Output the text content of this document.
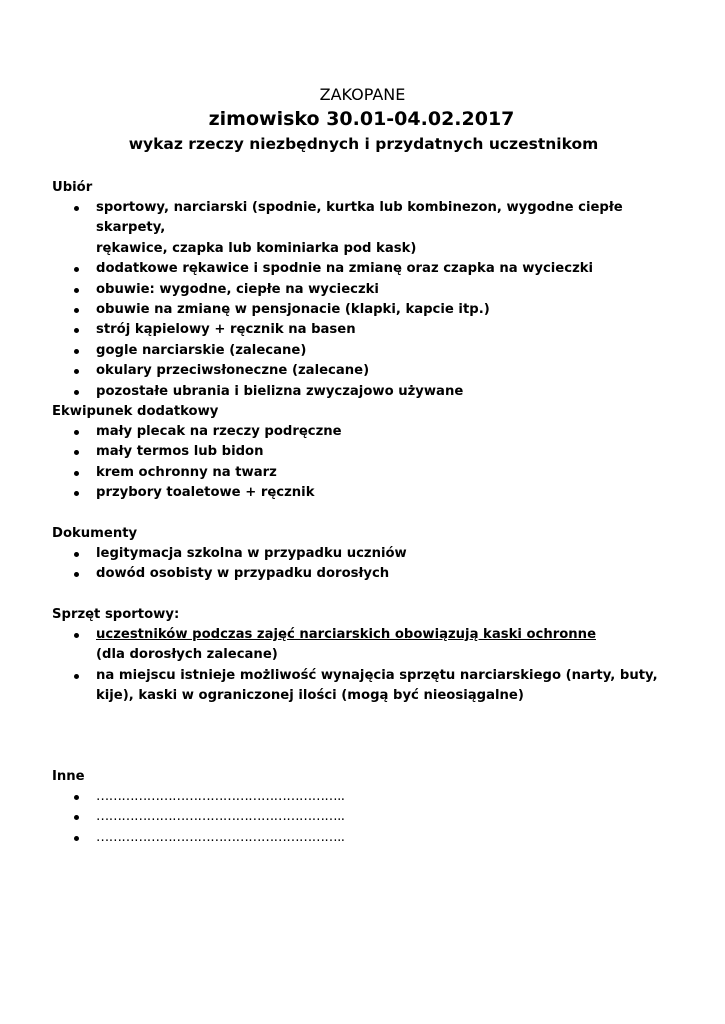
ZAKOPANE

zimowisko 30.01-04.02.2017

wykaz rzeczy niezbędnych i przydatnych uczestnikom

Ubiór

sportowy, narciarski (spodnie, kurtka lub kombinezon, wygodne ciepłe skarpety,
rękawice, czapka lub kominiarka pod kask)
dodatkowe rękawice i spodnie na zmianę oraz czapka na wycieczki
obuwie: wygodne, ciepłe na wycieczki
obuwie na zmianę w pensjonacie (klapki, kapcie itp.)
strój kąpielowy + ręcznik na basen
gogle narciarskie (zalecane)
okulary przeciwsłoneczne (zalecane)
pozostałe ubrania i bielizna zwyczajowo używane

Ekwipunek dodatkowy

mały plecak na rzeczy podręczne
mały termos lub bidon
krem ochronny na twarz
przybory toaletowe + ręcznik

Dokumenty

legitymacja szkolna w przypadku uczniów
dowód osobisty w przypadku dorosłych

Sprzęt sportowy:

uczestników podczas zajęć narciarskich obowiązują kaski ochronne
(dla dorosłych zalecane)
na miejscu istnieje możliwość wynajęcia sprzętu narciarskiego (narty, buty,
kije), kaski w ograniczonej ilości (mogą być nieosiągalne)

Inne

…………………………………………………..
…………………………………………………..
…………………………………………………..
